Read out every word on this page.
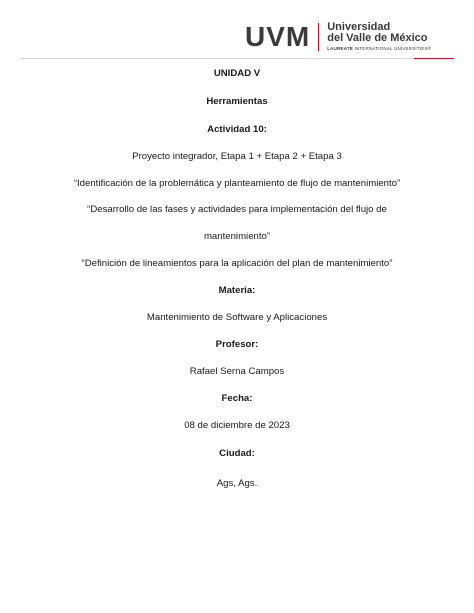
UVM Universidad
del Valle de México
LAUREATE INTERNATIONAL UNIVERSITIES®
UNIDAD V
Herramientas
Actividad 10:
Proyecto integrador, Etapa 1 + Etapa 2 + Etapa 3
“Identificación de la problemática y planteamiento de flujo de mantenimiento”
“Desarrollo de las fases y actividades para implementación del flujo de
mantenimiento”
“Definición de lineamientos para la aplicación del plan de mantenimiento”
Materia:
Mantenimiento de Software y Aplicaciones
Profesor:
Rafael Serna Campos
Fecha:
08 de diciembre de 2023
Ciudad:
Ags, Ags.
